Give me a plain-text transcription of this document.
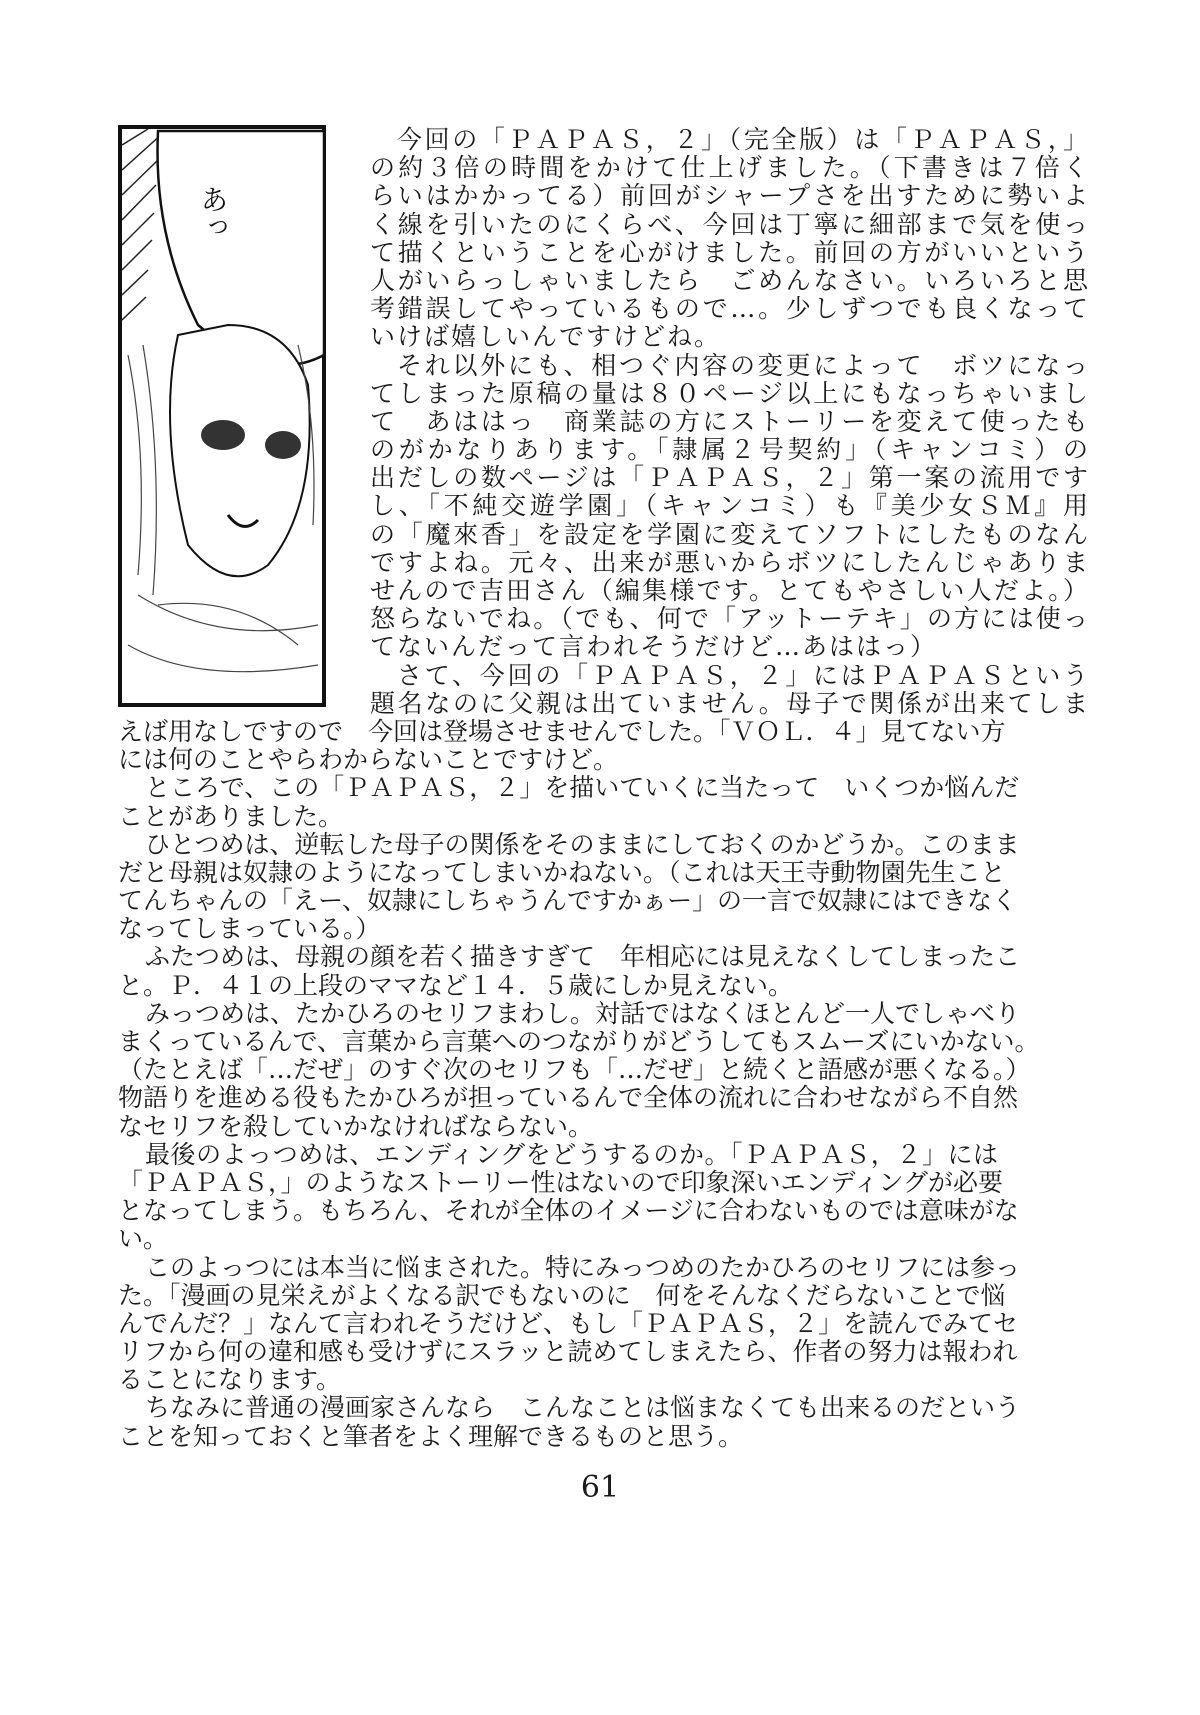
あっ
今回の「ＰＡＰＡＳ，２」（完全版）は「ＰＡＰＡＳ，」
の約３倍の時間をかけて仕上げました。（下書きは７倍く
らいはかかってる）前回がシャープさを出すために勢いよ
く線を引いたのにくらべ、今回は丁寧に細部まで気を使っ
て描くということを心がけました。前回の方がいいという
人がいらっしゃいましたら　ごめんなさい。いろいろと思
考錯誤してやっているもので…。少しずつでも良くなって
いけば嬉しいんですけどね。
それ以外にも、相つぐ内容の変更によって　ボツになっ
てしまった原稿の量は８０ページ以上にもなっちゃいまし
て　あははっ　商業誌の方にストーリーを変えて使ったも
のがかなりあります。「隷属２号契約」（キャンコミ）の
出だしの数ページは「ＰＡＰＡＳ，２」第一案の流用です
し、「不純交遊学園」（キャンコミ）も『美少女ＳＭ』用
の「魔來香」を設定を学園に変えてソフトにしたものなん
ですよね。元々、出来が悪いからボツにしたんじゃありま
せんので吉田さん（編集様です。とてもやさしい人だよ。）
怒らないでね。（でも、何で「アットーテキ」の方には使っ
てないんだって言われそうだけど…あははっ）
さて、今回の「ＰＡＰＡＳ，２」にはＰＡＰＡＳという
題名なのに父親は出ていません。母子で関係が出来てしま
えば用なしですので　今回は登場させませんでした。「ＶＯＬ．４」見てない方
には何のことやらわからないことですけど。
ところで、この「ＰＡＰＡＳ，２」を描いていくに当たって　いくつか悩んだ
ことがありました。
ひとつめは、逆転した母子の関係をそのままにしておくのかどうか。このまま
だと母親は奴隷のようになってしまいかねない。（これは天王寺動物園先生こと
てんちゃんの「えー、奴隷にしちゃうんですかぁー」の一言で奴隷にはできなく
なってしまっている。）
ふたつめは、母親の顔を若く描きすぎて　年相応には見えなくしてしまったこ
と。Ｐ．４１の上段のママなど１４．５歳にしか見えない。
みっつめは、たかひろのセリフまわし。対話ではなくほとんど一人でしゃべり
まくっているんで、言葉から言葉へのつながりがどうしてもスムーズにいかない。
（たとえば「…だぜ」のすぐ次のセリフも「…だぜ」と続くと語感が悪くなる。）
物語りを進める役もたかひろが担っているんで全体の流れに合わせながら不自然
なセリフを殺していかなければならない。
最後のよっつめは、エンディングをどうするのか。「ＰＡＰＡＳ，２」には
「ＰＡＰＡＳ，」のようなストーリー性はないので印象深いエンディングが必要
となってしまう。もちろん、それが全体のイメージに合わないものでは意味がな
い。
このよっつには本当に悩まされた。特にみっつめのたかひろのセリフには参っ
た。「漫画の見栄えがよくなる訳でもないのに　何をそんなくだらないことで悩
んでんだ？」なんて言われそうだけど、もし「ＰＡＰＡＳ，２」を読んでみてセ
リフから何の違和感も受けずにスラッと読めてしまえたら、作者の努力は報われ
ることになります。
ちなみに普通の漫画家さんなら　こんなことは悩まなくても出来るのだという
ことを知っておくと筆者をよく理解できるものと思う。
61
